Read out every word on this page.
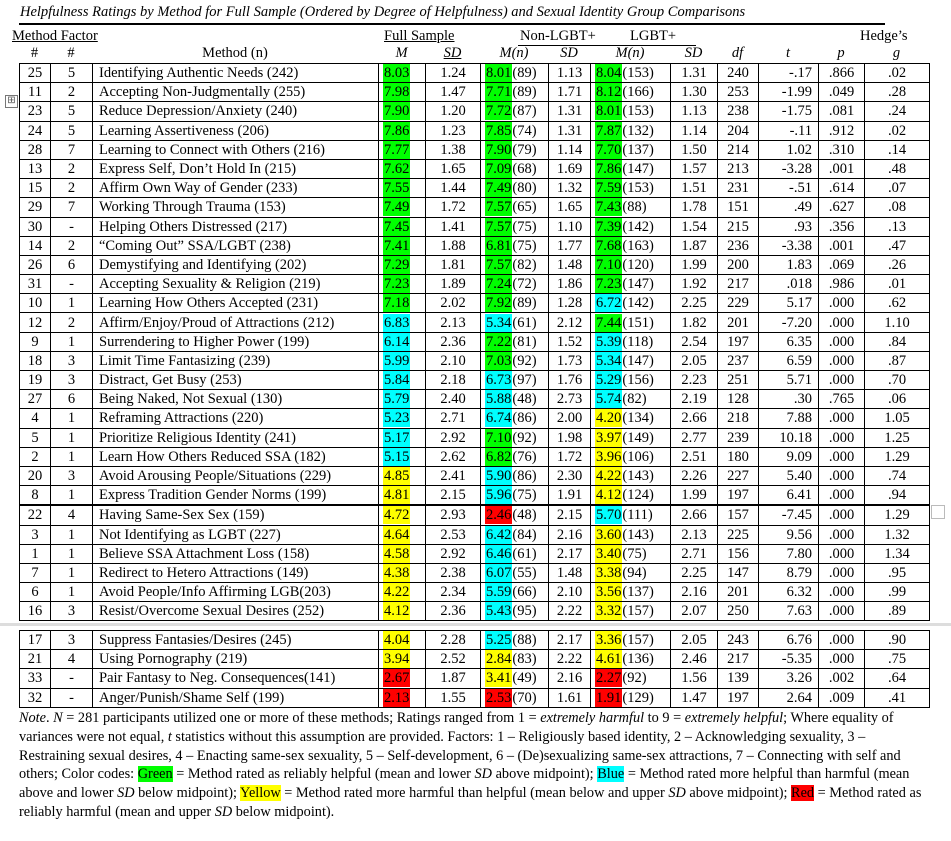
Helpfulness Ratings by Method for Full Sample (Ordered by Degree of Helpfulness) and Sexual Identity Group Comparisons
Method Factor	Full Sample	Non-LGBT+ LGBT+	Hedge’s
⊞
#	#	Method (n)	M	SD	M(n)	SD	M(n)	SD	df	t	p	g
25	5	Identifying Authentic Needs (242)	8.03	1.24	8.01(89)	1.13	8.04(153)	1.31	240	-.17	.866	.02
11	2	Accepting Non-Judgmentally (255)	7.98	1.47	7.71(89)	1.71	8.12(166)	1.30	253	-1.99	.049	.28
23	5	Reduce Depression/Anxiety (240)	7.90	1.20	7.72(87)	1.31	8.01(153)	1.13	238	-1.75	.081	.24
24	5	Learning Assertiveness (206)	7.86	1.23	7.85(74)	1.31	7.87(132)	1.14	204	-.11	.912	.02
28	7	Learning to Connect with Others (216)	7.77	1.38	7.90(79)	1.14	7.70(137)	1.50	214	1.02	.310	.14
13	2	Express Self, Don’t Hold In (215)	7.62	1.65	7.09(68)	1.69	7.86(147)	1.57	213	-3.28	.001	.48
15	2	Affirm Own Way of Gender (233)	7.55	1.44	7.49(80)	1.32	7.59(153)	1.51	231	-.51	.614	.07
29	7	Working Through Trauma (153)	7.49	1.72	7.57(65)	1.65	7.43(88)	1.78	151	.49	.627	.08
30	-	Helping Others Distressed (217)	7.45	1.41	7.57(75)	1.10	7.39(142)	1.54	215	.93	.356	.13
14	2	“Coming Out” SSA/LGBT (238)	7.41	1.88	6.81(75)	1.77	7.68(163)	1.87	236	-3.38	.001	.47
26	6	Demystifying and Identifying (202)	7.29	1.81	7.57(82)	1.48	7.10(120)	1.99	200	1.83	.069	.26
31	-	Accepting Sexuality & Religion (219)	7.23	1.89	7.24(72)	1.86	7.23(147)	1.92	217	.018	.986	.01
10	1	Learning How Others Accepted (231)	7.18	2.02	7.92(89)	1.28	6.72(142)	2.25	229	5.17	.000	.62
12	2	Affirm/Enjoy/Proud of Attractions (212)	6.83	2.13	5.34(61)	2.12	7.44(151)	1.82	201	-7.20	.000	1.10
9	1	Surrendering to Higher Power (199)	6.14	2.36	7.22(81)	1.52	5.39(118)	2.54	197	6.35	.000	.84
18	3	Limit Time Fantasizing (239)	5.99	2.10	7.03(92)	1.73	5.34(147)	2.05	237	6.59	.000	.87
19	3	Distract, Get Busy (253)	5.84	2.18	6.73(97)	1.76	5.29(156)	2.23	251	5.71	.000	.70
27	6	Being Naked, Not Sexual (130)	5.79	2.40	5.88(48)	2.73	5.74(82)	2.19	128	.30	.765	.06
4	1	Reframing Attractions (220)	5.23	2.71	6.74(86)	2.00	4.20(134)	2.66	218	7.88	.000	1.05
5	1	Prioritize Religious Identity (241)	5.17	2.92	7.10(92)	1.98	3.97(149)	2.77	239	10.18	.000	1.25
2	1	Learn How Others Reduced SSA (182)	5.15	2.62	6.82(76)	1.72	3.96(106)	2.51	180	9.09	.000	1.29
20	3	Avoid Arousing People/Situations (229)	4.85	2.41	5.90(86)	2.30	4.22(143)	2.26	227	5.40	.000	.74
8	1	Express Tradition Gender Norms (199)	4.81	2.15	5.96(75)	1.91	4.12(124)	1.99	197	6.41	.000	.94
22	4	Having Same-Sex Sex (159)	4.72	2.93	2.46(48)	2.15	5.70(111)	2.66	157	-7.45	.000	1.29
3	1	Not Identifying as LGBT (227)	4.64	2.53	6.42(84)	2.16	3.60(143)	2.13	225	9.56	.000	1.32
1	1	Believe SSA Attachment Loss (158)	4.58	2.92	6.46(61)	2.17	3.40(75)	2.71	156	7.80	.000	1.34
7	1	Redirect to Hetero Attractions (149)	4.38	2.38	6.07(55)	1.48	3.38(94)	2.25	147	8.79	.000	.95
6	1	Avoid People/Info Affirming LGB(203)	4.22	2.34	5.59(66)	2.10	3.56(137)	2.16	201	6.32	.000	.99
16	3	Resist/Overcome Sexual Desires (252)	4.12	2.36	5.43(95)	2.22	3.32(157)	2.07	250	7.63	.000	.89
17	3	Suppress Fantasies/Desires (245)	4.04	2.28	5.25(88)	2.17	3.36(157)	2.05	243	6.76	.000	.90
21	4	Using Pornography (219)	3.94	2.52	2.84(83)	2.22	4.61(136)	2.46	217	-5.35	.000	.75
33	-	Pair Fantasy to Neg. Consequences(141)	2.67	1.87	3.41(49)	2.16	2.27(92)	1.56	139	3.26	.002	.64
32	-	Anger/Punish/Shame Self (199)	2.13	1.55	2.53(70)	1.61	1.91(129)	1.47	197	2.64	.009	.41
Note. N = 281 participants utilized one or more of these methods; Ratings ranged from 1 = extremely harmful to 9 = extremely helpful; Where equality of variances were not equal, t statistics without this assumption are provided. Factors: 1 – Religiously based identity, 2 – Acknowledging sexuality, 3 – Restraining sexual desires, 4 – Enacting same-sex sexuality, 5 – Self-development, 6 – (De)sexualizing same-sex attractions, 7 – Connecting with self and others; Color codes: Green = Method rated as reliably helpful (mean and lower SD above midpoint); Blue = Method rated more helpful than harmful (mean above and lower SD below midpoint); Yellow = Method rated more harmful than helpful (mean below and upper SD above midpoint); Red = Method rated as reliably harmful (mean and upper SD below midpoint).
